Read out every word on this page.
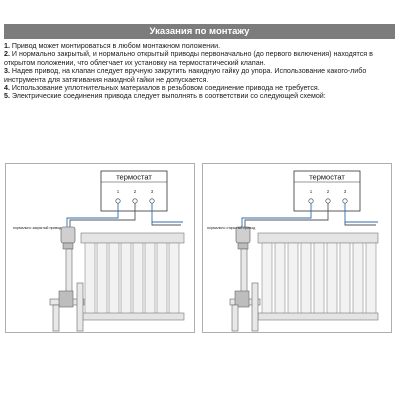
Указания по монтажу

1. Привод может монтироваться в любом монтажном положении.

2. И нормально закрытый, и нормально открытый приводы первоначально (до первого включения) находятся в открытом положении, что облегчает их установку на термостатический клапан.

3. Надев привод, на клапан следует вручную закрутить накидную гайку до упора. Использование какого-либо инструмента для затягивания накидной гайки не допускается.

4. Использование уплотнительных материалов в резьбовом соединение привода не требуется.

5. Электрические соединения привода следует выполнять в соответствии со следующей схемой:

термостат
1	2	3
нормально закрытый привод
термостат
1	2	3
нормально открытый привод
